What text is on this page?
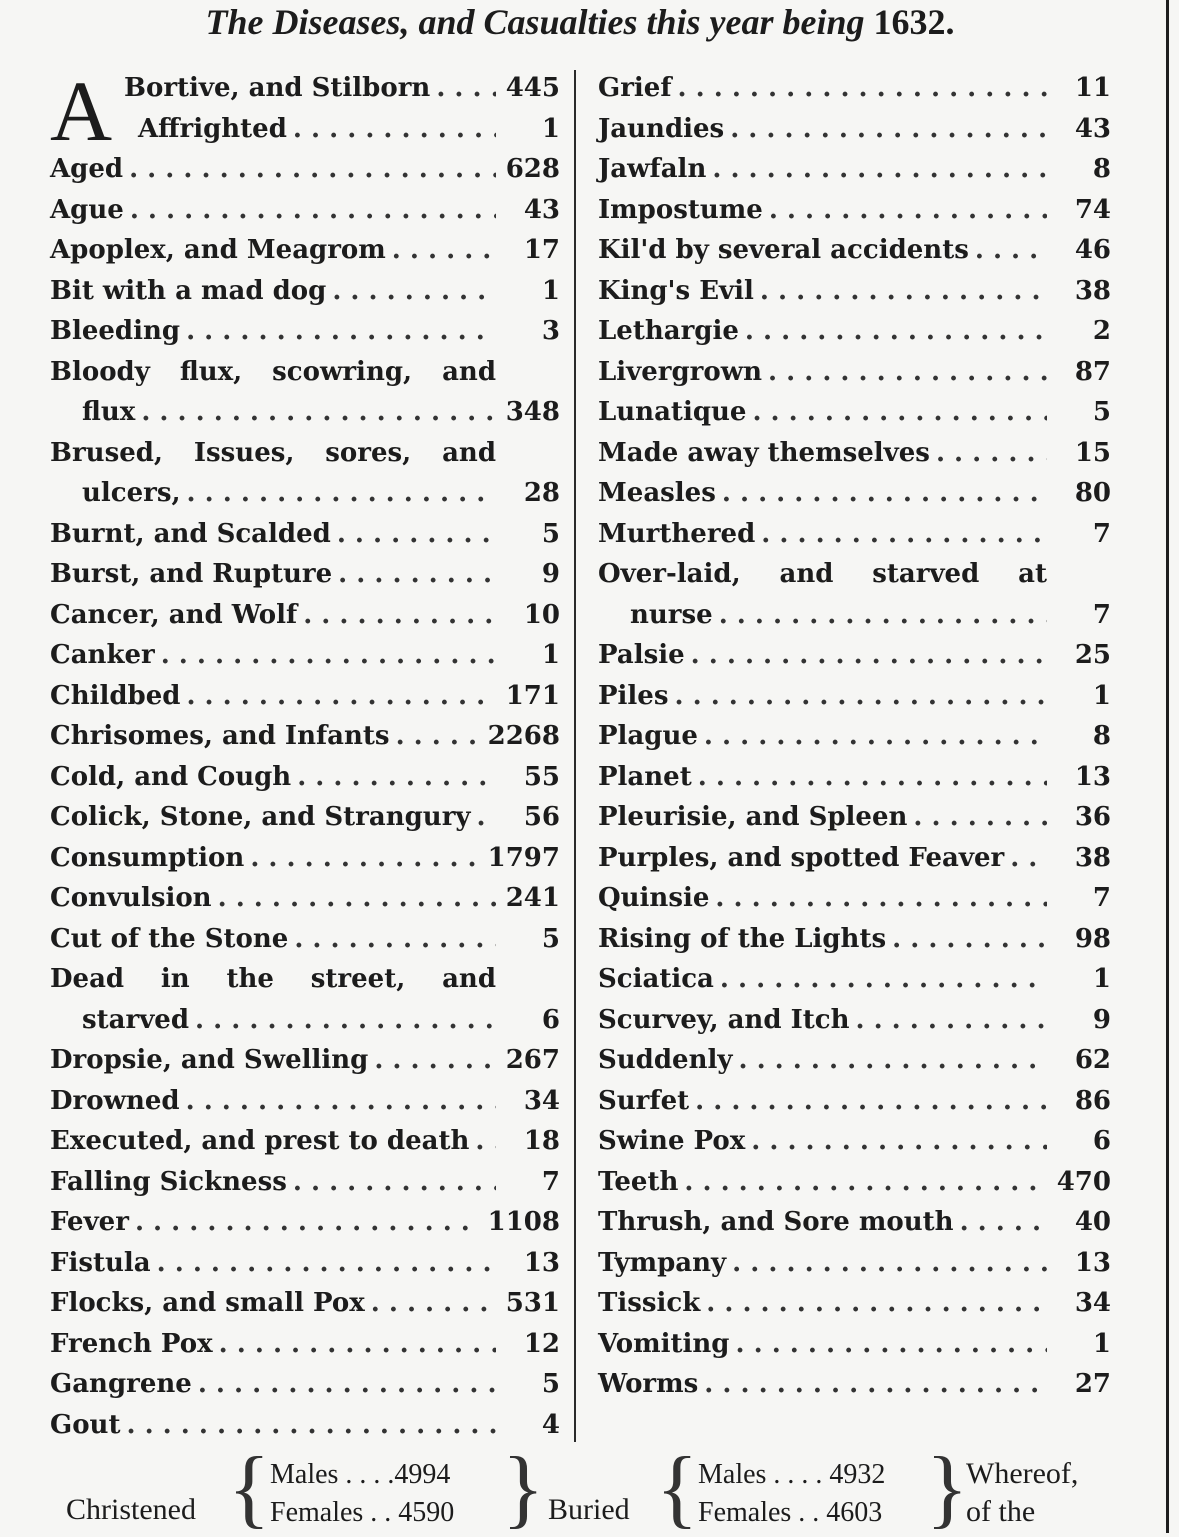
The Diseases, and Casualties this year being 1632.
A Bortive, and Stilborn . . .	445
Affrighted . . .	1
Aged . . .	628
Ague . . .	43
Apoplex, and Meagrom . . .	17
Bit with a mad dog . . .	1
Bleeding . . .	3
Bloody flux, scowring, and
flux . . .	348
Brused, Issues, sores, and
ulcers, . . .	28
Burnt, and Scalded . . .	5
Burst, and Rupture . . .	9
Cancer, and Wolf . . .	10
Canker . . .	1
Childbed . . .	171
Chrisomes, and Infants . . .	2268
Cold, and Cough . . .	55
Colick, Stone, and Strangury . . .	56
Consumption . . .	1797
Convulsion . . .	241
Cut of the Stone . . .	5
Dead in the street, and
starved . . .	6
Dropsie, and Swelling . . .	267
Drowned . . .	34
Executed, and prest to death . . .	18
Falling Sickness . . .	7
Fever . . .	1108
Fistula . . .	13
Flocks, and small Pox . . .	531
French Pox . . .	12
Gangrene . . .	5
Gout . . .	4
Grief . . .	11
Jaundies . . .	43
Jawfaln . . .	8
Impostume . . .	74
Kil'd by several accidents . . .	46
King's Evil . . .	38
Lethargie . . .	2
Livergrown . . .	87
Lunatique . . .	5
Made away themselves . . .	15
Measles . . .	80
Murthered . . .	7
Over-laid, and starved at
nurse . . .	7
Palsie . . .	25
Piles . . .	1
Plague . . .	8
Planet . . .	13
Pleurisie, and Spleen . . .	36
Purples, and spotted Feaver . . .	38
Quinsie . . .	7
Rising of the Lights . . .	98
Sciatica . . .	1
Scurvey, and Itch . . .	9
Suddenly . . .	62
Surfet . . .	86
Swine Pox . . .	6
Teeth . . .	470
Thrush, and Sore mouth . . .	40
Tympany . . .	13
Tissick . . .	34
Vomiting . . .	1
Worms . . .	27
Christened { Males . . . .4994
Females . . 4590 } Buried { Males . . . . 4932
Females . . 4603 }
Whereof,
of the
